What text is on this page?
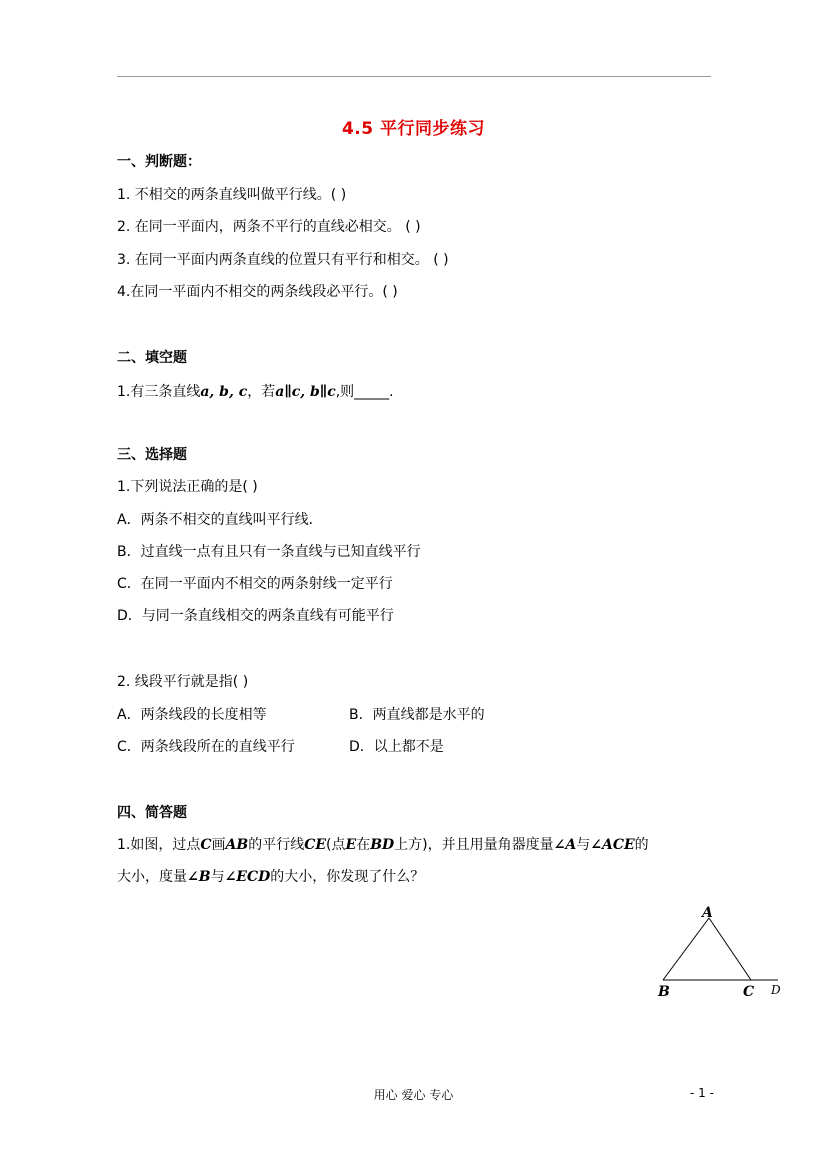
4.5 平行同步练习
一、判断题：
1. 不相交的两条直线叫做平行线。( )
2. 在同一平面内，两条不平行的直线必相交。 ( )
3. 在同一平面内两条直线的位置只有平行和相交。 ( )
4.在同一平面内不相交的两条线段必平行。( )
二、填空题
1.有三条直线a, b, c，若a∥c, b∥c,则_____.
三、选择题
1.下列说法正确的是( )
A．两条不相交的直线叫平行线．
B．过直线一点有且只有一条直线与已知直线平行
C．在同一平面内不相交的两条射线一定平行
D．与同一条直线相交的两条直线有可能平行
2. 线段平行就是指( )
A．两条线段的长度相等	B．两直线都是水平的
C．两条线段所在的直线平行	D．以上都不是
四、简答题
1.如图，过点C画AB的平行线CE(点E在BD上方)，并且用量角器度量∠A与∠ACE的
大小，度量∠B与∠ECD的大小，你发现了什么？
A
B	C D
用心 爱心 专心	- 1 -
